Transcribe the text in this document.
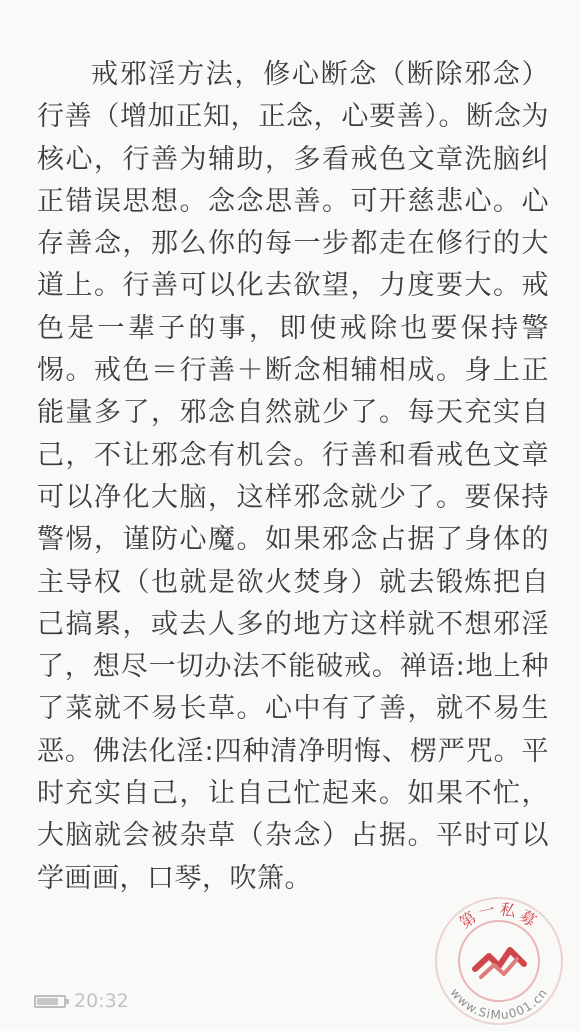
戒邪淫方法，修心断念（断除邪念）行善（增加正知，正念，心要善）。断念为核心，行善为辅助，多看戒色文章洗脑纠正错误思想。念念思善。可开慈悲心。心存善念，那么你的每一步都走在修行的大道上。行善可以化去欲望，力度要大。戒色是一辈子的事，即使戒除也要保持警惕。戒色＝行善＋断念相辅相成。身上正能量多了，邪念自然就少了。每天充实自己，不让邪念有机会。行善和看戒色文章可以净化大脑，这样邪念就少了。要保持警惕，谨防心魔。如果邪念占据了身体的主导权（也就是欲火焚身）就去锻炼把自己搞累，或去人多的地方这样就不想邪淫了，想尽一切办法不能破戒。禅语:地上种了菜就不易长草。心中有了善，就不易生恶。佛法化淫:四种清净明悔、楞严咒。平时充实自己，让自己忙起来。如果不忙，大脑就会被杂草（杂念）占据。平时可以学画画，口琴，吹箫。

20:32
第一私募
www.SiMu001.cn
